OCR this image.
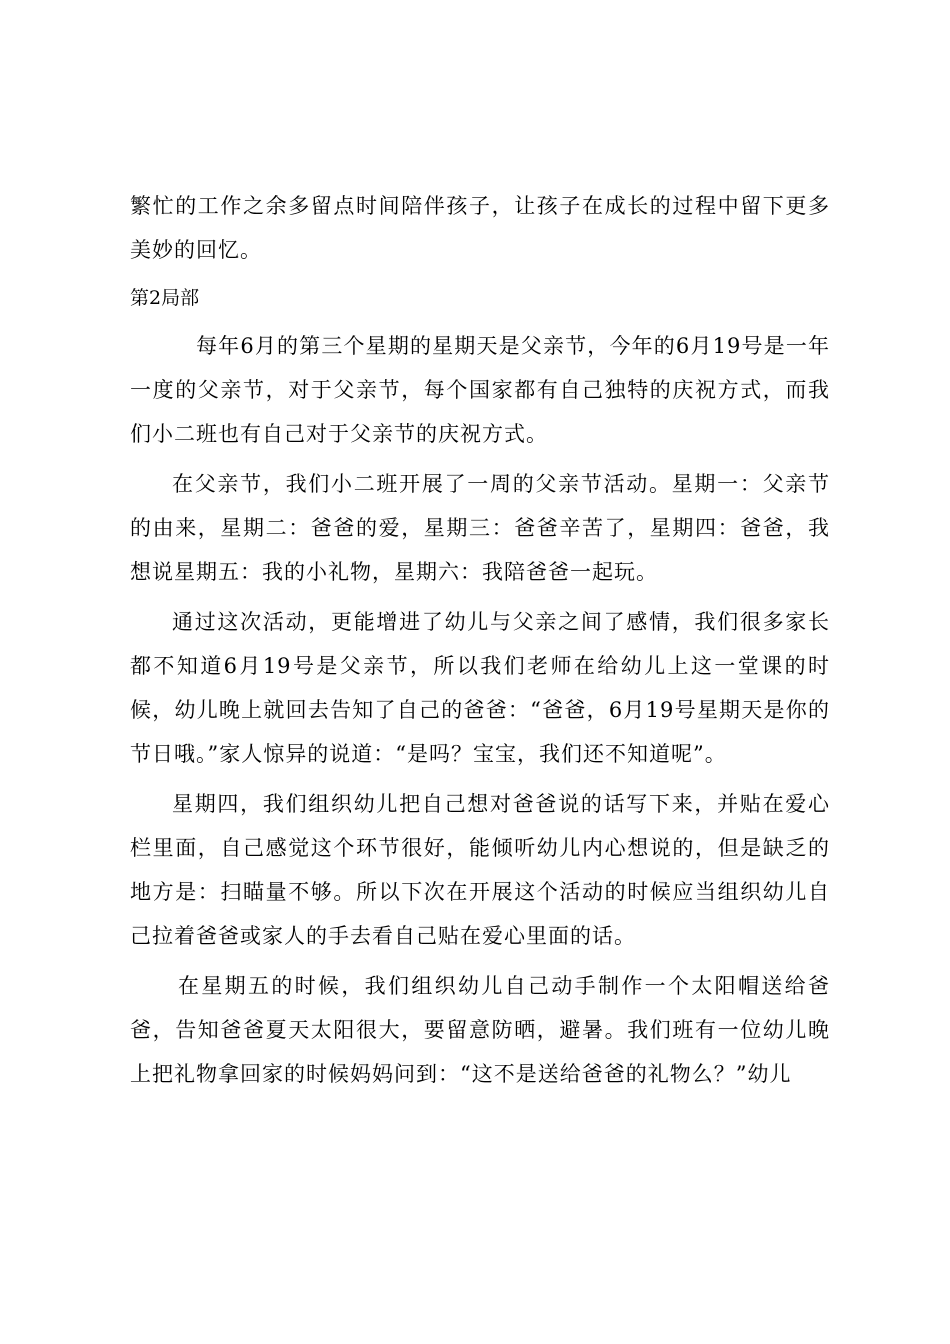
繁忙的工作之余多留点时间陪伴孩子，让孩子在成长的过程中留下更多美妙的回忆。

第2局部

每年6月的第三个星期的星期天是父亲节，今年的6月19号是一年一度的父亲节，对于父亲节，每个国家都有自己独特的庆祝方式，而我们小二班也有自己对于父亲节的庆祝方式。

在父亲节，我们小二班开展了一周的父亲节活动。星期一：父亲节的由来，星期二：爸爸的爱，星期三：爸爸辛苦了，星期四：爸爸，我想说星期五：我的小礼物，星期六：我陪爸爸一起玩。

通过这次活动，更能增进了幼儿与父亲之间了感情，我们很多家长都不知道6月19号是父亲节，所以我们老师在给幼儿上这一堂课的时候，幼儿晚上就回去告知了自己的爸爸：“爸爸，6月19号星期天是你的节日哦。”家人惊异的说道：“是吗？宝宝，我们还不知道呢”。

星期四，我们组织幼儿把自己想对爸爸说的话写下来，并贴在爱心栏里面，自己感觉这个环节很好，能倾听幼儿内心想说的，但是缺乏的地方是：扫瞄量不够。所以下次在开展这个活动的时候应当组织幼儿自己拉着爸爸或家人的手去看自己贴在爱心里面的话。

在星期五的时候，我们组织幼儿自己动手制作一个太阳帽送给爸爸，告知爸爸夏天太阳很大，要留意防晒，避暑。我们班有一位幼儿晚上把礼物拿回家的时候妈妈问到：“这不是送给爸爸的礼物么？”幼儿
